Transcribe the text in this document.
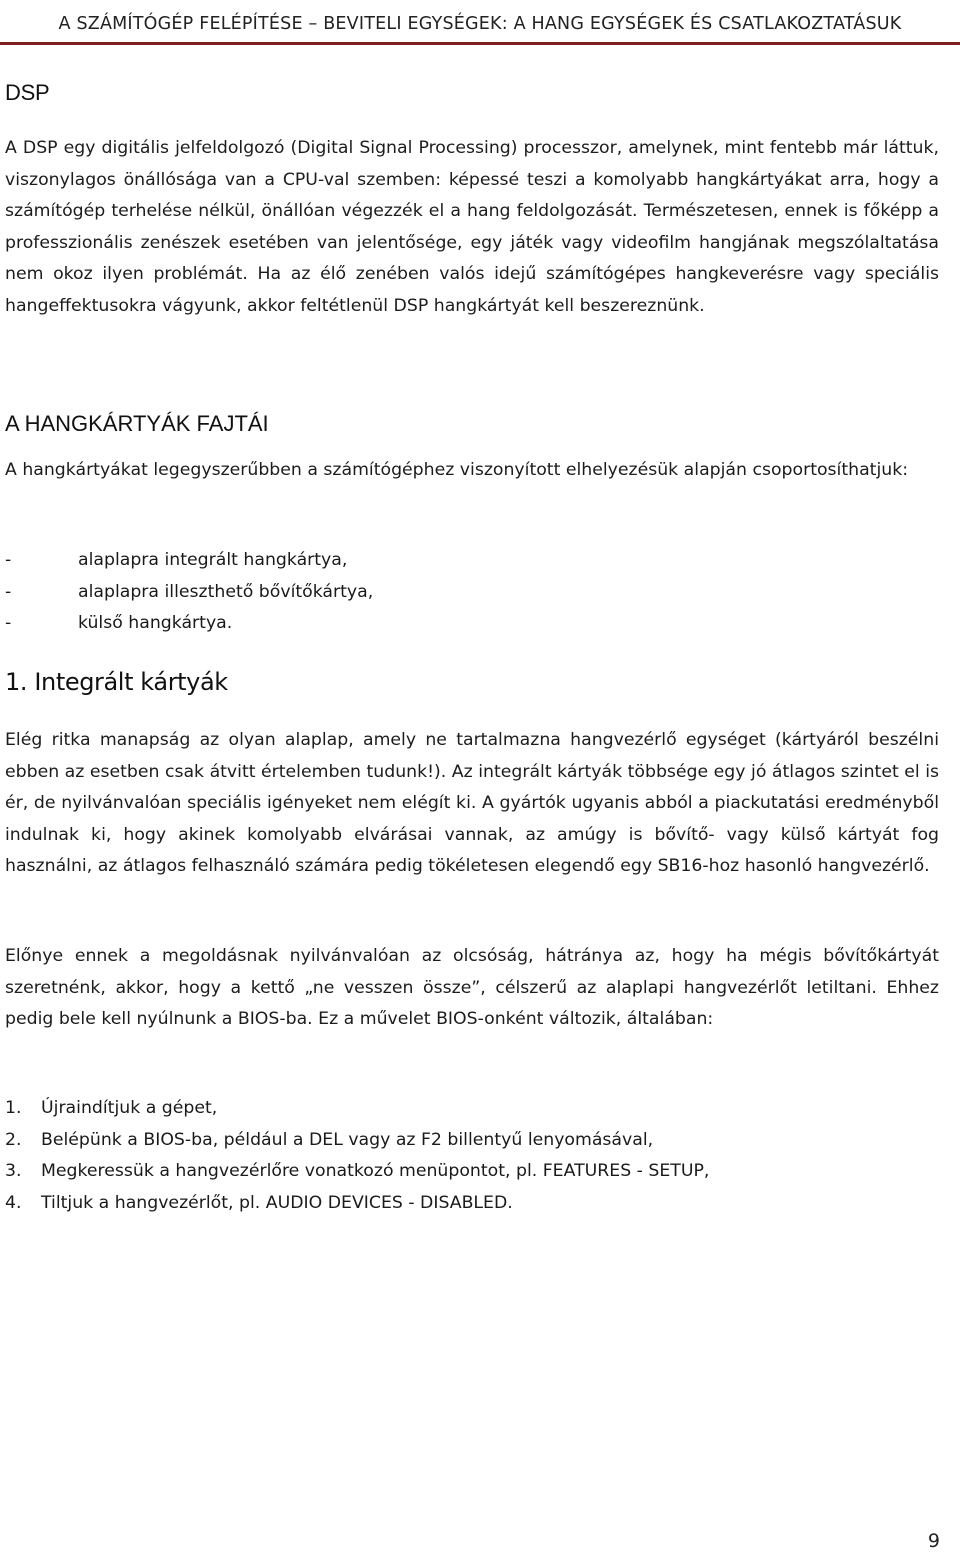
A SZÁMÍTÓGÉP FELÉPÍTÉSE – BEVITELI EGYSÉGEK: A HANG EGYSÉGEK ÉS CSATLAKOZTATÁSUK
DSP

A DSP egy digitális jelfeldolgozó (Digital Signal Processing) processzor, amelynek, mint fentebb már láttuk, viszonylagos önállósága van a CPU-val szemben: képessé teszi a komolyabb hangkártyákat arra, hogy a számítógép terhelése nélkül, önállóan végezzék el a hang feldolgozását. Természetesen, ennek is főképp a professzionális zenészek esetében van jelentősége, egy játék vagy videofilm hangjának megszólaltatása nem okoz ilyen problémát. Ha az élő zenében valós idejű számítógépes hangkeverésre vagy speciális hangeffektusokra vágyunk, akkor feltétlenül DSP hangkártyát kell beszereznünk.

A HANGKÁRTYÁK FAJTÁI

A hangkártyákat legegyszerűbben a számítógéphez viszonyított elhelyezésük alapján csoportosíthatjuk:

-	alaplapra integrált hangkártya,
-	alaplapra illeszthető bővítőkártya,
-	külső hangkártya.
1. Integrált kártyák

Elég ritka manapság az olyan alaplap, amely ne tartalmazna hangvezérlő egységet (kártyáról beszélni ebben az esetben csak átvitt értelemben tudunk!). Az integrált kártyák többsége egy jó átlagos szintet el is ér, de nyilvánvalóan speciális igényeket nem elégít ki. A gyártók ugyanis abból a piackutatási eredményből indulnak ki, hogy akinek komolyabb elvárásai vannak, az amúgy is bővítő- vagy külső kártyát fog használni, az átlagos felhasználó számára pedig tökéletesen elegendő egy SB16-hoz hasonló hangvezérlő.

Előnye ennek a megoldásnak nyilvánvalóan az olcsóság, hátránya az, hogy ha mégis bővítőkártyát szeretnénk, akkor, hogy a kettő „ne vesszen össze”, célszerű az alaplapi hangvezérlőt letiltani. Ehhez pedig bele kell nyúlnunk a BIOS-ba. Ez a művelet BIOS-onként változik, általában:

1. Újraindítjuk a gépet,
2. Belépünk a BIOS-ba, például a DEL vagy az F2 billentyű lenyomásával,
3. Megkeressük a hangvezérlőre vonatkozó menüpontot, pl. FEATURES - SETUP,
4. Tiltjuk a hangvezérlőt, pl. AUDIO DEVICES - DISABLED.
9
